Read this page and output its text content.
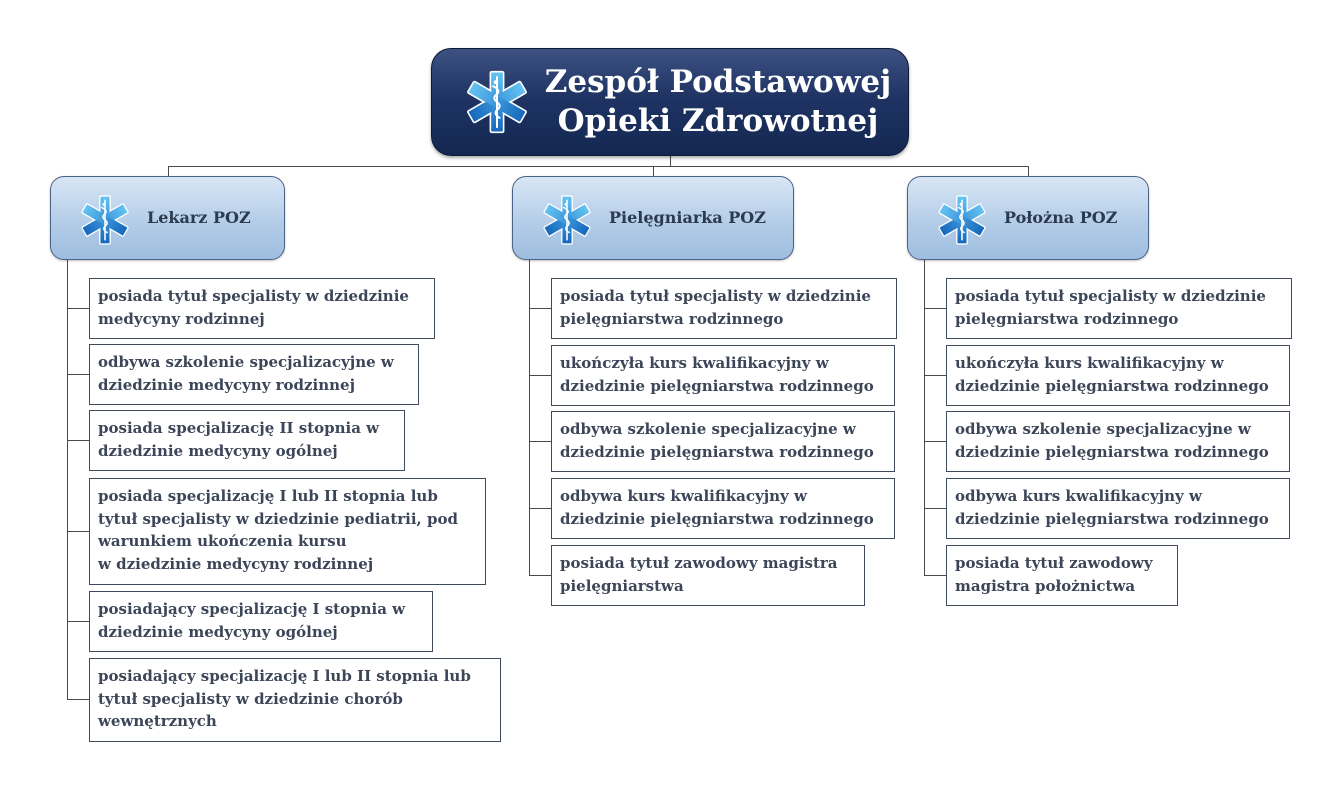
Zespół Podstawowej
Opieki Zdrowotnej
Lekarz POZ	Pielęgniarka POZ	Położna POZ
posiada tytuł specjalisty w dziedzinie
medycyny rodzinnej
odbywa szkolenie specjalizacyjne w
dziedzinie medycyny rodzinnej
posiada specjalizację II stopnia w
dziedzinie medycyny ogólnej
posiada specjalizację I lub II stopnia lub
tytuł specjalisty w dziedzinie pediatrii, pod
warunkiem ukończenia kursu
w dziedzinie medycyny rodzinnej
posiadający specjalizację I stopnia w
dziedzinie medycyny ogólnej
posiadający specjalizację I lub II stopnia lub
tytuł specjalisty w dziedzinie chorób
wewnętrznych
posiada tytuł specjalisty w dziedzinie
pielęgniarstwa rodzinnego
ukończyła kurs kwalifikacyjny w
dziedzinie pielęgniarstwa rodzinnego
odbywa szkolenie specjalizacyjne w
dziedzinie pielęgniarstwa rodzinnego
odbywa kurs kwalifikacyjny w
dziedzinie pielęgniarstwa rodzinnego
posiada tytuł zawodowy magistra
pielęgniarstwa
posiada tytuł specjalisty w dziedzinie
pielęgniarstwa rodzinnego
ukończyła kurs kwalifikacyjny w
dziedzinie pielęgniarstwa rodzinnego
odbywa szkolenie specjalizacyjne w
dziedzinie pielęgniarstwa rodzinnego
odbywa kurs kwalifikacyjny w
dziedzinie pielęgniarstwa rodzinnego
posiada tytuł zawodowy
magistra położnictwa
